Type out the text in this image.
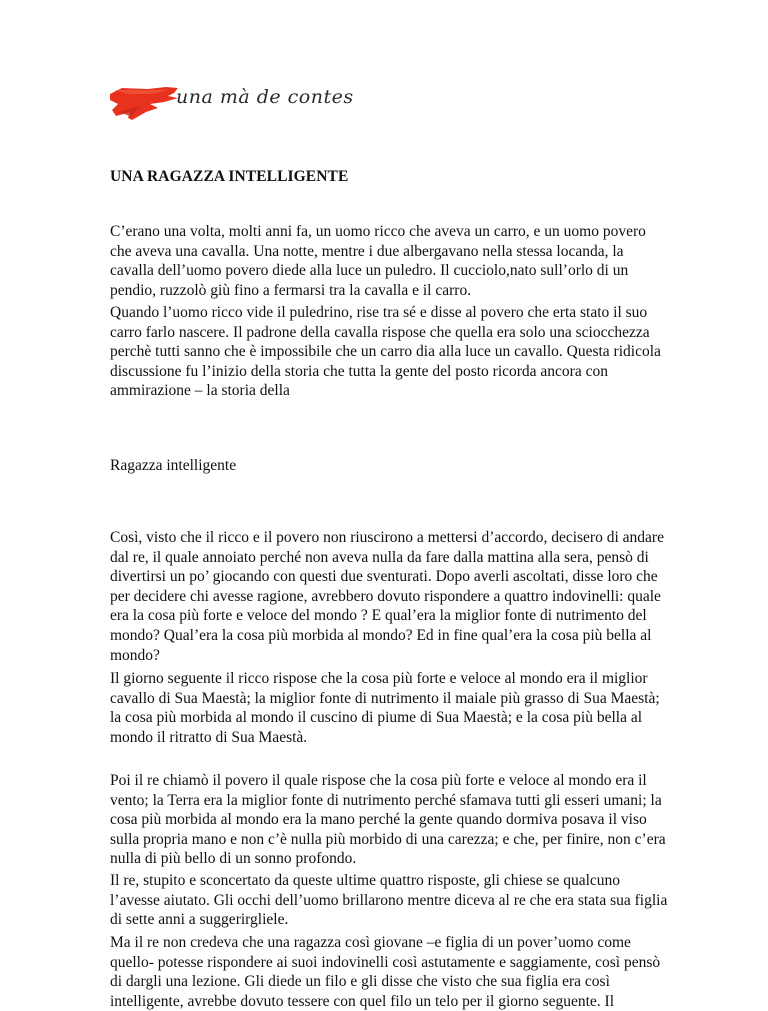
una mà de contes
UNA RAGAZZA INTELLIGENTE

C’erano una volta, molti anni fa, un uomo ricco che aveva un carro, e un uomo povero che aveva una cavalla. Una notte, mentre i due albergavano nella stessa locanda, la cavalla dell’uomo povero diede alla luce un puledro. Il cucciolo,nato sull’orlo di un pendio, ruzzolò giù fino a fermarsi tra la cavalla e il carro.

Quando l’uomo ricco vide il puledrino, rise tra sé e disse al povero che erta stato il suo carro farlo nascere. Il padrone della cavalla rispose che quella era solo una sciocchezza perchè tutti sanno che è impossibile che un carro dia alla luce un cavallo. Questa ridicola discussione fu l’inizio della storia che tutta la gente del posto ricorda ancora con ammirazione – la storia della

Ragazza intelligente

Così, visto che il ricco e il povero non riuscirono a mettersi d’accordo, decisero di andare dal re, il quale annoiato perché non aveva nulla da fare dalla mattina alla sera, pensò di divertirsi un po’ giocando con questi due sventurati. Dopo averli ascoltati, disse loro che per decidere chi avesse ragione, avrebbero dovuto rispondere a quattro indovinelli: quale era la cosa più forte e veloce del mondo ? E qual’era la miglior fonte di nutrimento del mondo? Qual’era la cosa più morbida al mondo? Ed in fine qual’era la cosa più bella al mondo?

Il giorno seguente il ricco rispose che la cosa più forte e veloce al mondo era il miglior cavallo di Sua Maestà; la miglior fonte di nutrimento il maiale più grasso di Sua Maestà; la cosa più morbida al mondo il cuscino di piume di Sua Maestà; e la cosa più bella al mondo il ritratto di Sua Maestà.

Poi il re chiamò il povero il quale rispose che la cosa più forte e veloce al mondo era il vento; la Terra era la miglior fonte di nutrimento perché sfamava tutti gli esseri umani; la cosa più morbida al mondo era la mano perché la gente quando dormiva posava il viso sulla propria mano e non c’è nulla più morbido di una carezza; e che, per finire, non c’era nulla di più bello di un sonno profondo.

Il re, stupito e sconcertato da queste ultime quattro risposte, gli chiese se qualcuno l’avesse aiutato. Gli occhi dell’uomo brillarono mentre diceva al re che era stata sua figlia di sette anni a suggerirgliele.

Ma il re non credeva che una ragazza così giovane –e figlia di un pover’uomo come quello- potesse rispondere ai suoi indovinelli così astutamente e saggiamente, così pensò di dargli una lezione. Gli diede un filo e gli disse che visto che sua figlia era così intelligente, avrebbe dovuto tessere con quel filo un telo per il giorno seguente. Il
